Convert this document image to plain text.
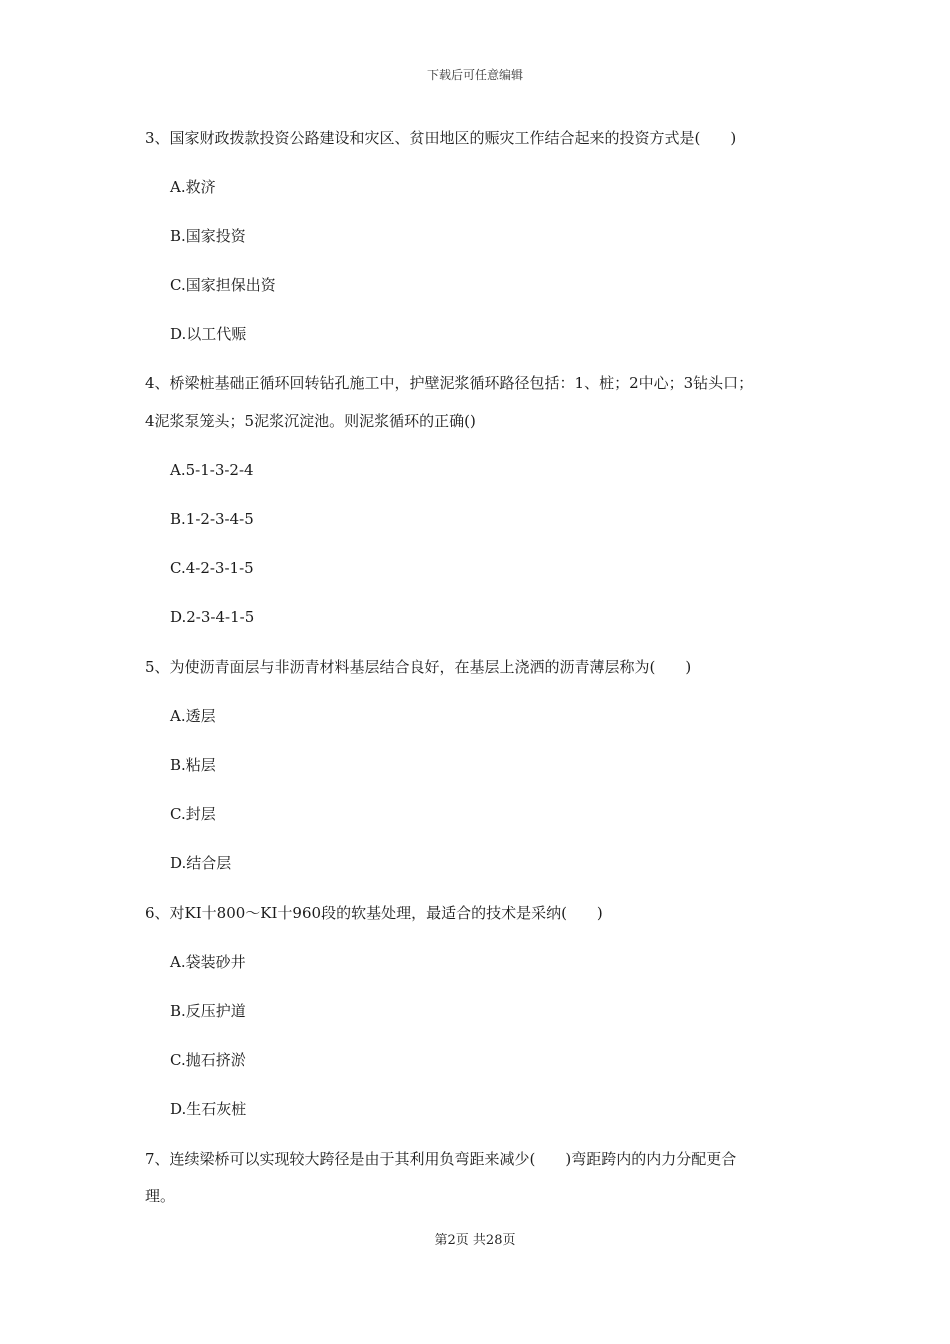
下载后可任意编辑
3、国家财政拨款投资公路建设和灾区、贫田地区的赈灾工作结合起来的投资方式是(　　)
A.救济
B.国家投资
C.国家担保出资
D.以工代赈
4、桥梁桩基础正循环回转钻孔施工中，护壁泥浆循环路径包括：1、桩；2中心；3钻头口；
4泥浆泵笼头；5泥浆沉淀池。则泥浆循环的正确()
A.5-1-3-2-4
B.1-2-3-4-5
C.4-2-3-1-5
D.2-3-4-1-5
5、为使沥青面层与非沥青材料基层结合良好，在基层上浇洒的沥青薄层称为(　　)
A.透层
B.粘层
C.封层
D.结合层
6、对KI十800～KI十960段的软基处理，最适合的技术是采纳(　　)
A.袋装砂井
B.反压护道
C.抛石挤淤
D.生石灰桩
7、连续梁桥可以实现较大跨径是由于其利用负弯距来减少(　　)弯距跨内的内力分配更合
理。
第2页 共28页
